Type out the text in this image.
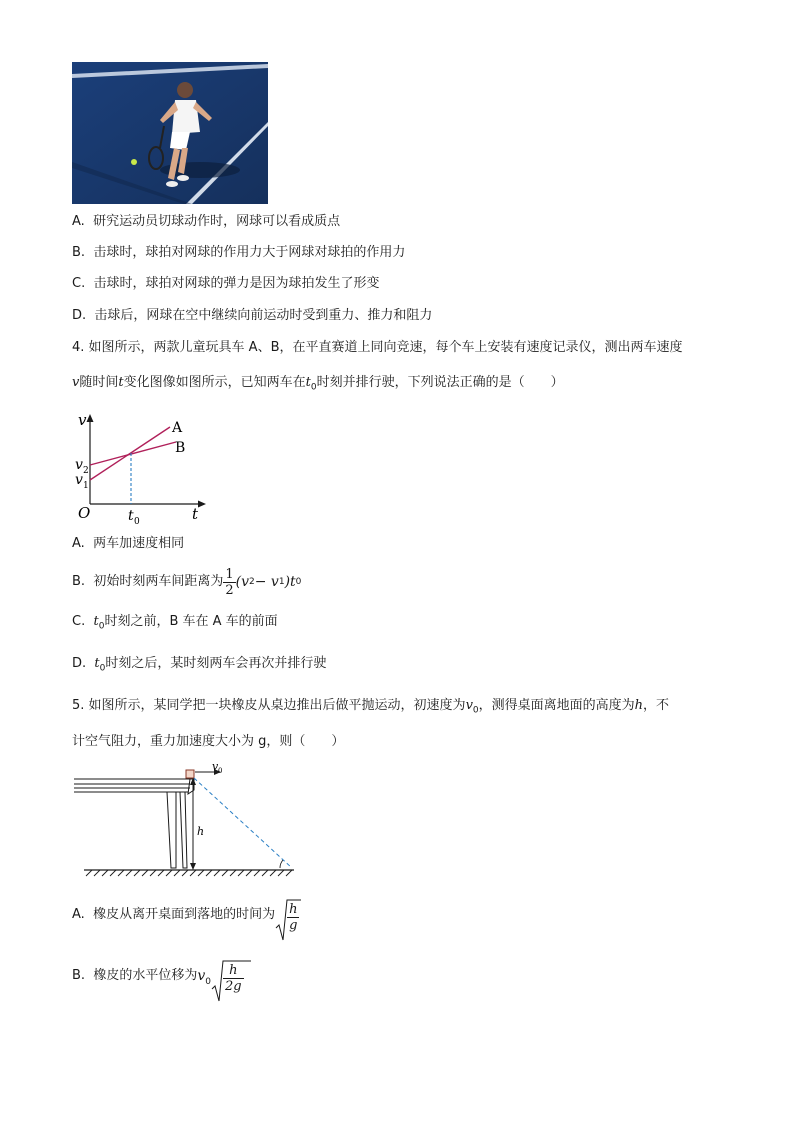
A. 研究运动员切球动作时，网球可以看成质点
B. 击球时，球拍对网球的作用力大于网球对球拍的作用力
C. 击球时，球拍对网球的弹力是因为球拍发生了形变
D. 击球后，网球在空中继续向前运动时受到重力、推力和阻力
4. 如图所示，两款儿童玩具车 A、B，在平直赛道上同向竞速，每个车上安装有速度记录仪，测出两车速度
v随时间t变化图像如图所示，已知两车在$t_0$时刻并排行驶，下列说法正确的是（　　）
v	A
B
v 2
v 1
O	t 0	t
A. 两车加速度相同
B.
初始时刻两车间距离为 $\frac{1}{2} (v$ 2 − v 1 )t 0
C. $t_0$时刻之前，B 车在 A 车的前面
D. $t_0$时刻之后，某时刻两车会再次并排行驶
5. 如图所示，某同学把一块橡皮从桌边推出后做平抛运动，初速度为$v_0$，测得桌面离地面的高度为h，不
计空气阻力，重力加速度大小为 g，则（　　）
v 0
h
A.
橡皮从离开桌面到落地的时间为 $\frac{h}{g}$
B.
橡皮的水平位移为 $v_0 \frac{h}{2g}$
